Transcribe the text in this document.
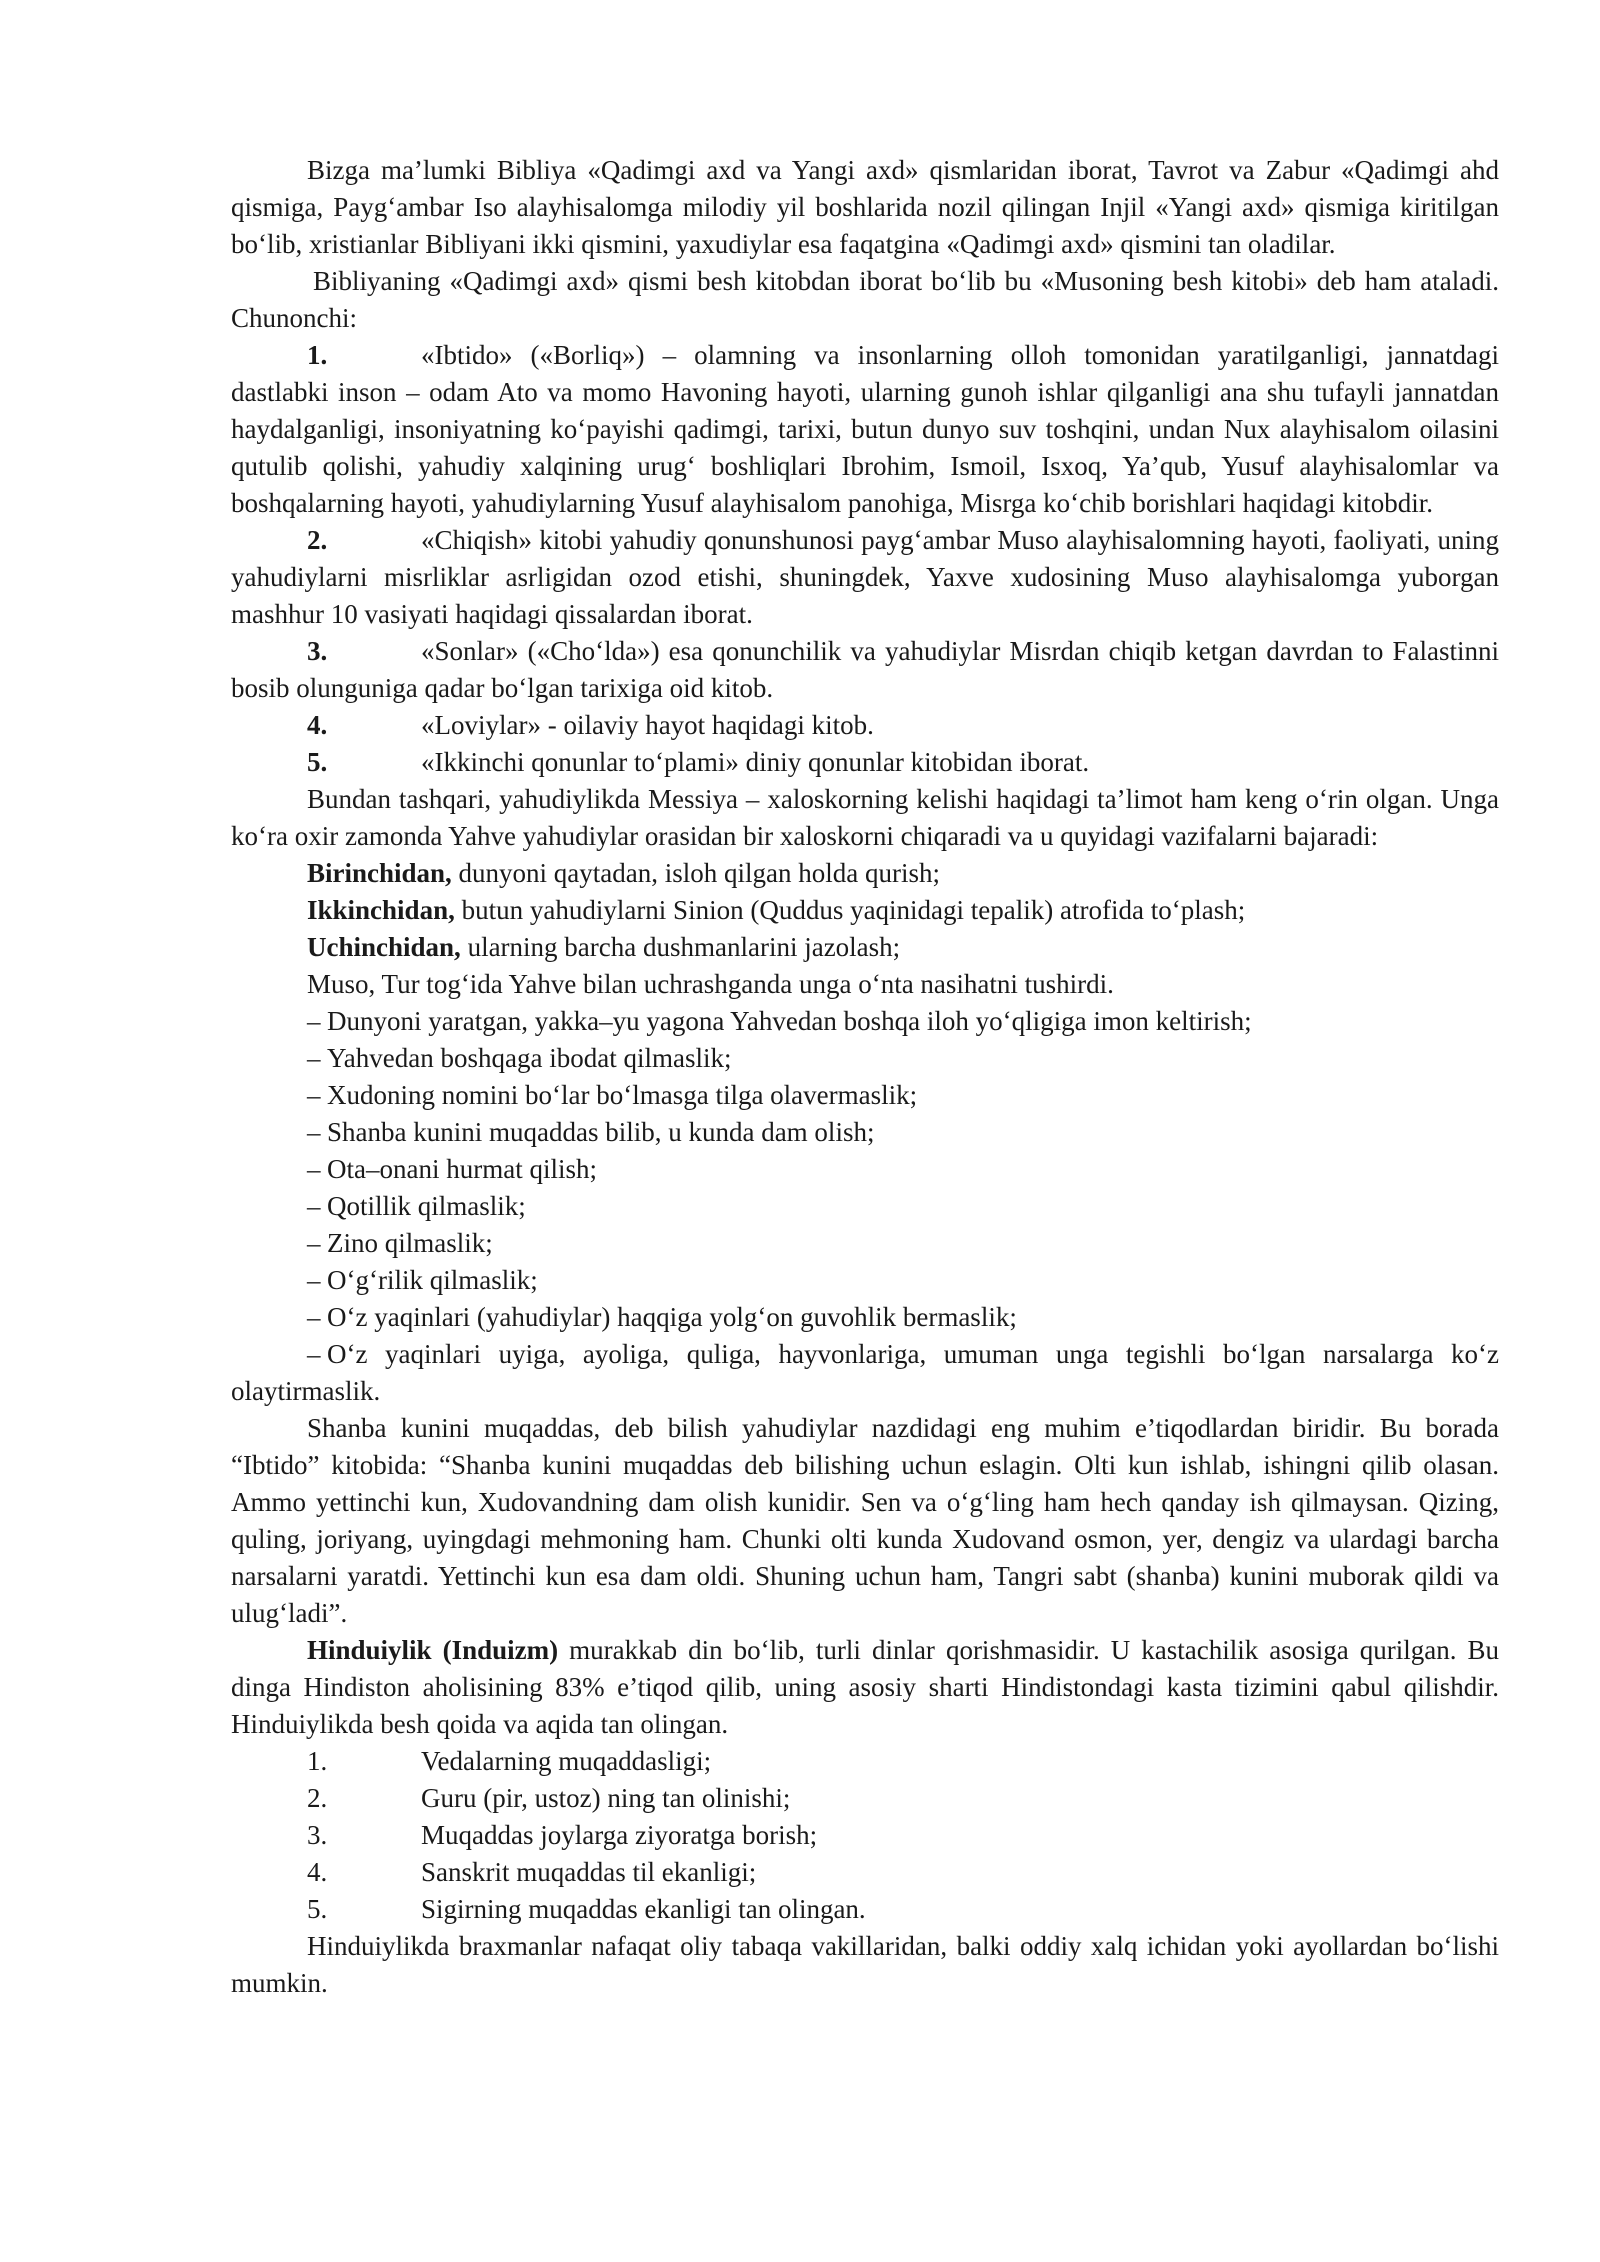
Bizga ma’lumki Bibliya «Qadimgi axd va Yangi axd» qismlaridan iborat, Tavrot va Zabur «Qadimgi ahd qismiga, Payg‘ambar Iso alayhisalomga milodiy yil boshlarida nozil qilingan Injil «Yangi axd» qismiga kiritilgan bo‘lib, xristianlar Bibliyani ikki qismini, yaxudiylar esa faqatgina «Qadimgi axd» qismini tan oladilar.

Bibliyaning «Qadimgi axd» qismi besh kitobdan iborat bo‘lib bu «Musoning besh kitobi» deb ham ataladi. Chunonchi:

1.	«Ibtido» («Borliq») – olamning va insonlarning olloh tomonidan yaratilganligi, jannatdagi dastlabki inson – odam Ato va momo Havoning hayoti, ularning gunoh ishlar qilganligi ana shu tufayli jannatdan haydalganligi, insoniyatning ko‘payishi qadimgi, tarixi, butun dunyo suv toshqini, undan Nux alayhisalom oilasini qutulib qolishi, yahudiy xalqining urug‘ boshliqlari Ibrohim, Ismoil, Isxoq, Ya’qub, Yusuf alayhisalomlar va boshqalarning hayoti, yahudiylarning Yusuf alayhisalom panohiga, Misrga ko‘chib borishlari haqidagi kitobdir.

2.	«Chiqish» kitobi yahudiy qonunshunosi payg‘ambar Muso alayhisalomning hayoti, faoliyati, uning yahudiylarni misrliklar asrligidan ozod etishi, shuningdek, Yaxve xudosining Muso alayhisalomga yuborgan mashhur 10 vasiyati haqidagi qissalardan iborat.

3.	«Sonlar» («Cho‘lda») esa qonunchilik va yahudiylar Misrdan chiqib ketgan davrdan to Falastinni bosib olunguniga qadar bo‘lgan tarixiga oid kitob.

4.	«Loviylar» - oilaviy hayot haqidagi kitob.

5.	«Ikkinchi qonunlar to‘plami» diniy qonunlar kitobidan iborat.

Bundan tashqari, yahudiylikda Messiya – xaloskorning kelishi haqidagi ta’limot ham keng o‘rin olgan. Unga ko‘ra oxir zamonda Yahve yahudiylar orasidan bir xaloskorni chiqaradi va u quyidagi vazifalarni bajaradi:

Birinchidan, dunyoni qaytadan, isloh qilgan holda qurish;

Ikkinchidan, butun yahudiylarni Sinion (Quddus yaqinidagi tepalik) atrofida to‘plash;

Uchinchidan, ularning barcha dushmanlarini jazolash;

Muso, Tur tog‘ida Yahve bilan uchrashganda unga o‘nta nasihatni tushirdi.

– Dunyoni yaratgan, yakka–yu yagona Yahvedan boshqa iloh yo‘qligiga imon keltirish;

– Yahvedan boshqaga ibodat qilmaslik;

– Xudoning nomini bo‘lar bo‘lmasga tilga olavermaslik;

– Shanba kunini muqaddas bilib, u kunda dam olish;

– Ota–onani hurmat qilish;

– Qotillik qilmaslik;

– Zino qilmaslik;

– O‘g‘rilik qilmaslik;

– O‘z yaqinlari (yahudiylar) haqqiga yolg‘on guvohlik bermaslik;

– O‘z yaqinlari uyiga, ayoliga, quliga, hayvonlariga, umuman unga tegishli bo‘lgan narsalarga ko‘z olaytirmaslik.

Shanba kunini muqaddas, deb bilish yahudiylar nazdidagi eng muhim e’tiqodlardan biridir. Bu borada “Ibtido” kitobida: “Shanba kunini muqaddas deb bilishing uchun eslagin. Olti kun ishlab, ishingni qilib olasan. Ammo yettinchi kun, Xudovandning dam olish kunidir. Sen va o‘g‘ling ham hech qanday ish qilmaysan. Qizing, quling, joriyang, uyingdagi mehmoning ham. Chunki olti kunda Xudovand osmon, yer, dengiz va ulardagi barcha narsalarni yaratdi. Yettinchi kun esa dam oldi. Shuning uchun ham, Tangri sabt (shanba) kunini muborak qildi va ulug‘ladi”.

Hinduiylik (Induizm) murakkab din bo‘lib, turli dinlar qorishmasidir. U kastachilik asosiga qurilgan. Bu dinga Hindiston aholisining 83% e’tiqod qilib, uning asosiy sharti Hindistondagi kasta tizimini qabul qilishdir. Hinduiylikda besh qoida va aqida tan olingan.

1.	Vedalarning muqaddasligi;

2.	Guru (pir, ustoz) ning tan olinishi;

3.	Muqaddas joylarga ziyoratga borish;

4.	Sanskrit muqaddas til ekanligi;

5.	Sigirning muqaddas ekanligi tan olingan.

Hinduiylikda braxmanlar nafaqat oliy tabaqa vakillaridan, balki oddiy xalq ichidan yoki ayollardan bo‘lishi mumkin.
